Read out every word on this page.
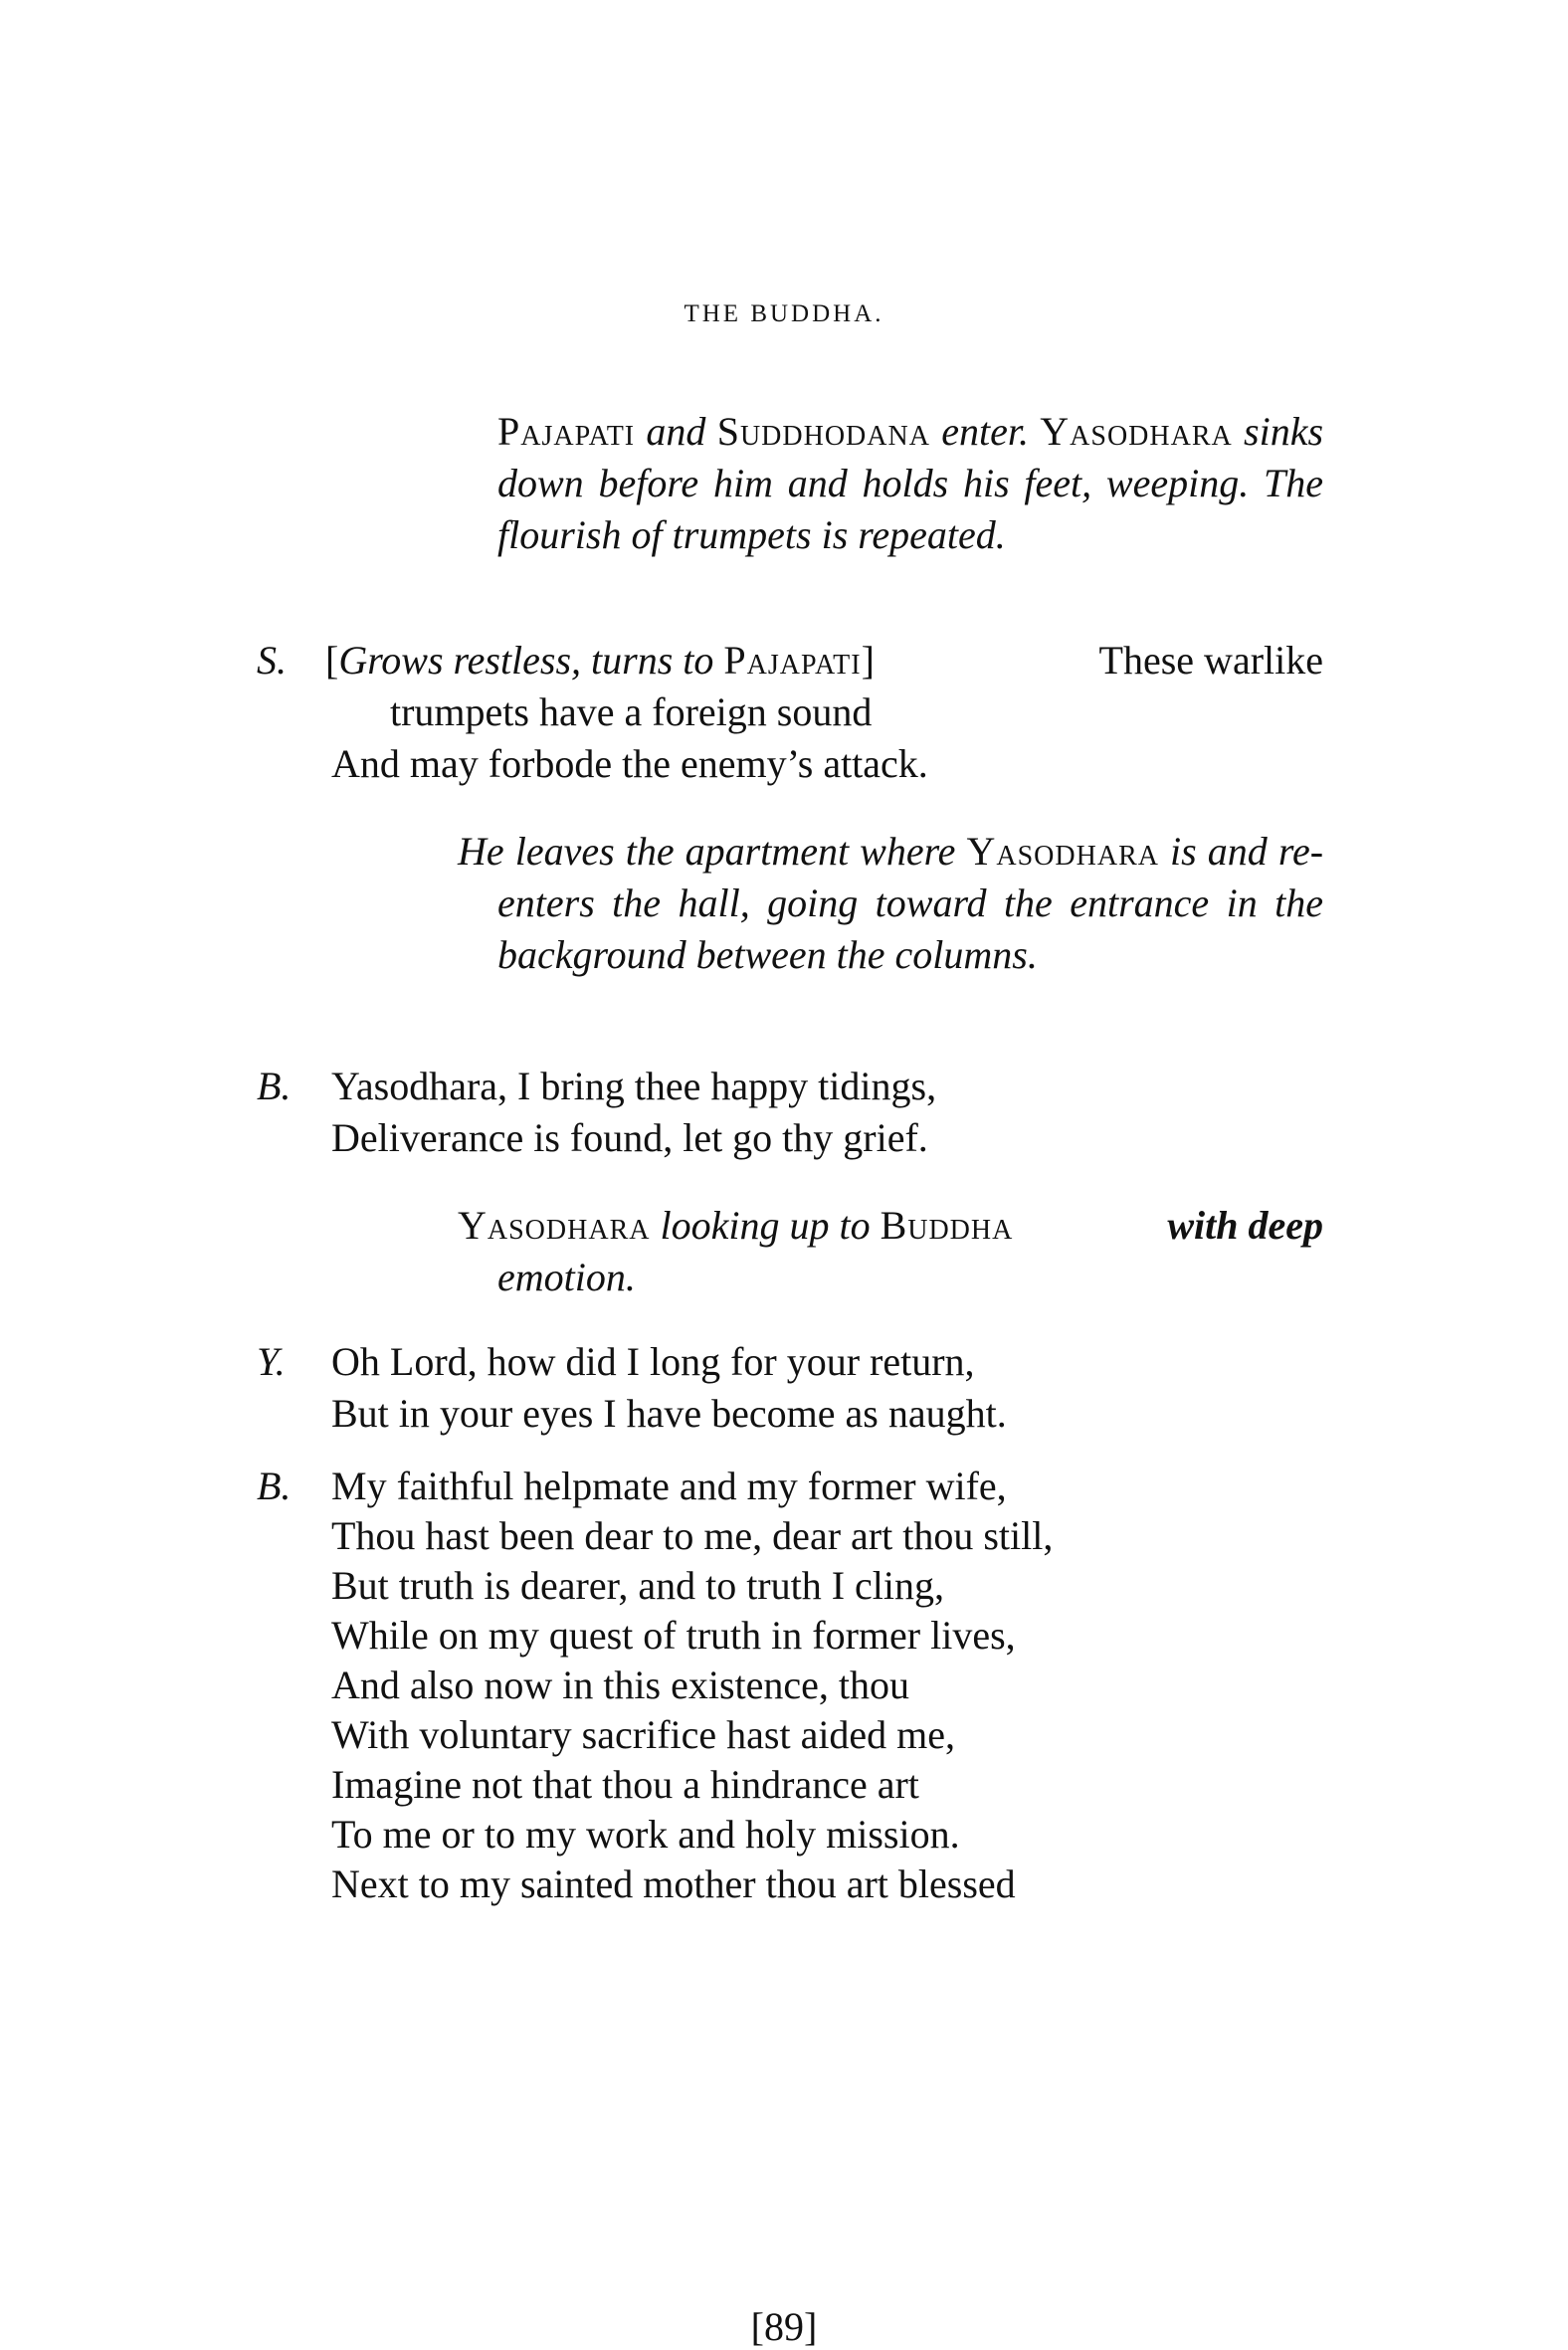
THE BUDDHA.
Pajapati and Suddhodana enter. Yasodhara sinks down before him and holds his feet, weeping. The flourish of trumpets is repeated.
S. [Grows restless, turns to Pajapati]	These warlike
trumpets have a foreign sound
And may forbode the enemy’s attack.
He leaves the apartment where Yasodhara is and re-enters the hall, going toward the entrance in the background between the columns.
B. Yasodhara, I bring thee happy tidings,
Deliverance is found, let go thy grief.
Yasodhara looking up to Buddha	with deep
emotion.
Y. Oh Lord, how did I long for your return,
But in your eyes I have become as naught.
B. My faithful helpmate and my former wife,
Thou hast been dear to me, dear art thou still,
But truth is dearer, and to truth I cling,
While on my quest of truth in former lives,
And also now in this existence, thou
With voluntary sacrifice hast aided me,
Imagine not that thou a hindrance art
To me or to my work and holy mission.
Next to my sainted mother thou art blessed
[89]
